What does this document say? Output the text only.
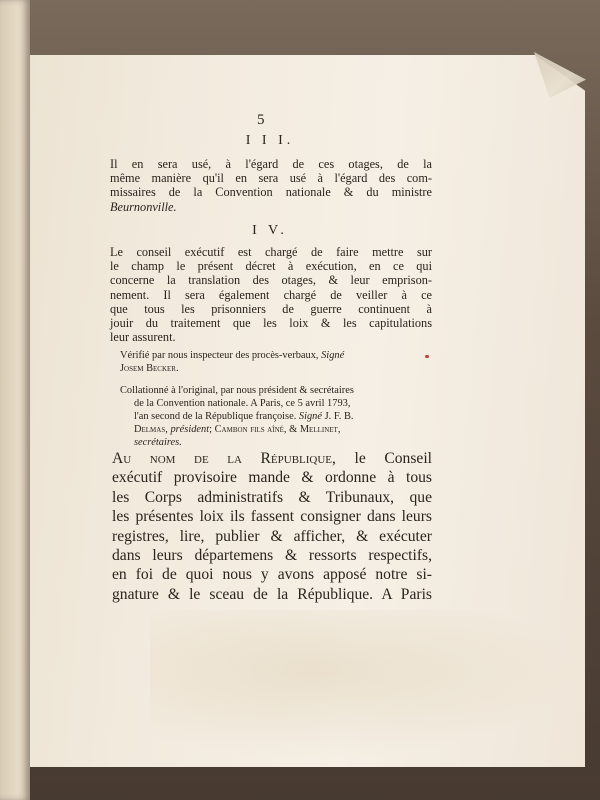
5
I I I.

Il en sera usé, à l'égard de ces otages, de la
même manière qu'il en sera usé à l'égard des com-
missaires de la Convention nationale & du ministre
Beurnonville.

I V.

Le conseil exécutif est chargé de faire mettre sur
le champ le présent décret à exécution, en ce qui
concerne la translation des otages, & leur emprison-
nement. Il sera également chargé de veiller à ce
que tous les prisonniers de guerre continuent à
jouir du traitement que les loix & les capitulations
leur assurent.

Vérifié par nous inspecteur des procès-verbaux, Signé
Josem Becker.
Collationné à l'original, par nous président & secrétaires
de la Convention nationale. A Paris, ce 5 avril 1793,
l'an second de la République françoise. Signé J. F. B.
Delmas, président; Cambon fils aîné, & Mellinet,
secrétaires.

Au nom de la République, le Conseil
exécutif provisoire mande & ordonne à tous
les Corps administratifs & Tribunaux, que
les présentes loix ils fassent consigner dans leurs
registres, lire, publier & afficher, & exécuter
dans leurs départemens & ressorts respectifs,
en foi de quoi nous y avons apposé notre si-
gnature & le sceau de la République. A Paris
